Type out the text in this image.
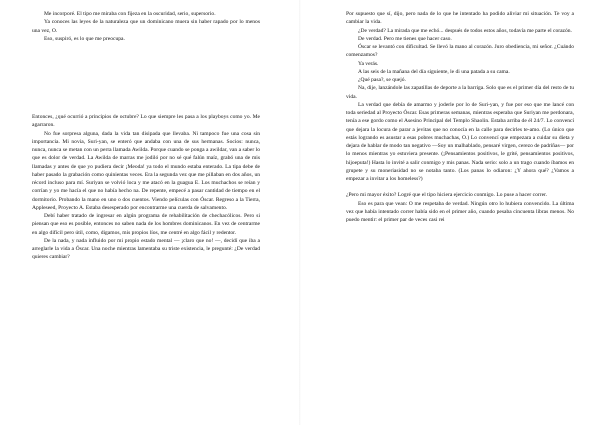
Me incorporé. El tipo me miraba con fijeza en la oscuridad, serio, supersorio.

Ya conoces las leyes de la naturaleza que un dominicano muera sin haber rapado por lo menos una vez, O.

Eso, suspiró, es lo que me preocupa.

Entonces, ¿qué ocurrió a principios de octubre? Lo que siempre les pasa a los playboys como yo. Me agarraron.

No fue sorpresa alguna, dada la vida tan disipada que llevaba. Ni tampoco fue una cosa sin importancia. Mi novia, Suri-yan, se enteró que andaba con una de sus hermanas. Socios: nunca, nunca, nunca se metan con un perra llamada Awilda. Porque cuando se ponga a awildar, van a saber lo que es dolor de verdad. La Awilda de marras me jodiló por no sé qué falún maíz, grabó una de mis llamadas y antes de que yo pudiera decir ¡Meoda! ya todo el mundo estaba enterado. La tipa debe de haber pasado la grabación como quinientas veces. Era la segunda vez que me pillaban en dos años, un récord incluso para mí. Suriyan se volvió loca y me atacó en la guagua E. Los muchachos se reían y corrían y yo me hacía el que no había hecho na. De repente, empecé a pasar cantidad de tiempo en el dormitorio. Probando la mano en uno o dos cuentos. Viendo películas con Óscar. Regreso a la Tierra, Appleseed, Proyecto A. Estaba desesperado por encontrarme una cuerda de salvamento.

Debí haber tratado de ingresar en algún programa de rehabilitación de chechacólicos. Pero si piensan que eso es posible, entonces no saben nada de los hombres dominicanos. En vez de centrarme en algo difícil pero útil, como, digamos, mis propios líos, me centré en algo fácil y redentor.

De la nada, y nada influido por mi propio estado mental — ¡claro que no! —, decidí que iba a arreglarle la vida a Óscar. Una noche mientras lamentaba su triste existencia, le pregunté: ¿De verdad quieres cambiar?

Por supuesto que sí, dijo, pero nada de lo que he intentado ha podido aliviar mi situación. Te voy a cambiar la vida.

¿De verdad? La mirada que me echó... después de todos estos años, todavía me parte el corazón.

De verdad. Pero me tienes que hacer caso.

Óscar se levantó con dificultad. Se llevó la mano al corazón. Juro obediencia, mi señor. ¿Cuándo comenzamos?

Ya verás.

A las seis de la mañana del día siguiente, le di una patada a su cama.

¿Qué pasa?, se quejó.

Na, dije, lanzándole las zapatillas de deporte a la barriga. Solo que es el primer día del resto de tu vida.

La verdad que debía de amarmo y joderle por lo de Suri-yan, y fue por eso que me lancé con toda seriedad al Proyecto Óscar. Esas primeras semanas, mientras esperaba que Suriyan me perdonara, tenía a ese gordo como el Asesino Principal del Templo Shaolin. Estaba arriba de él 24/7. Lo convencí que dejara la locura de parar a jevitas que no conocía en la calle para decirles te-amo. (Lo único que estás logrando es asustar a esas pobres muchachas, O.) Lo convencí que empezara a cuidar su dieta y dejara de hablar de modo tan negativo —Soy un malhablado, pensaré virgen, cerezo de padriñas— por lo menos mientras yo estuviera presente. (¡Pensamientos positivos, le grité, pensamientos positivos, hijoeputa!) Hasta lo invité a salir conmigo y mis panas. Nada serio: solo a un trago cuando íbamos en grupete y su moneriasidad no se notaba tanto. (Los panas lo odiaron: ¿Y ahora qué? ¿Vamos a empezar a invitar a los homeless?)

¿Pero mi mayor éxito? Logré que el tipo hiciera ejercicio conmigo. Lo puse a hacer correr.

Eso es para que vean: O me respetaba de verdad. Ningún otro lo hubiera convencido. La última vez que había intentado correr había sido en el primer año, cuando pesaba cincuenta libras menos. No puedo mentir: el primer par de veces casi rei
